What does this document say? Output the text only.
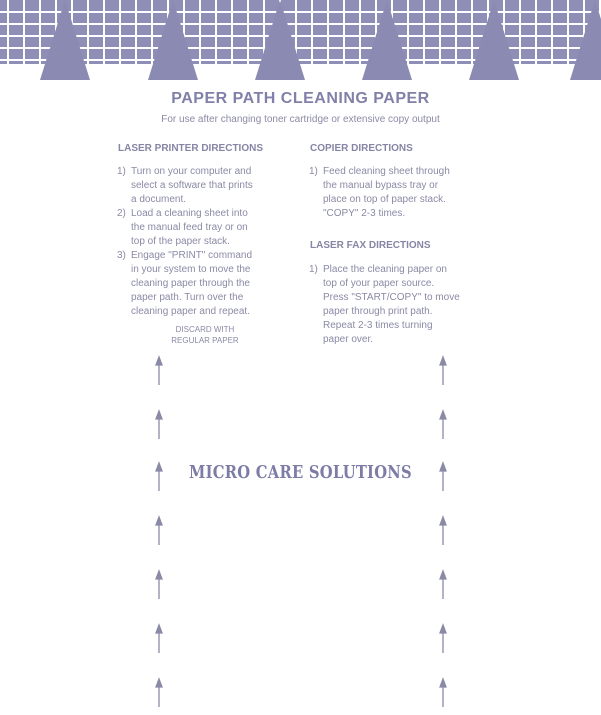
PAPER PATH CLEANING PAPER
For use after changing toner cartridge or extensive copy output
LASER PRINTER DIRECTIONS
1) Turn on your computer and
select a software that prints
a document.
2) Load a cleaning sheet into
the manual feed tray or on
top of the paper stack.
3) Engage "PRINT" command
in your system to move the
cleaning paper through the
paper path. Turn over the
cleaning paper and repeat.
DISCARD WITH
REGULAR PAPER
COPIER DIRECTIONS
1) Feed cleaning sheet through
the manual bypass tray or
place on top of paper stack.
"COPY" 2-3 times.
LASER FAX DIRECTIONS
1) Place the cleaning paper on
top of your paper source.
Press "START/COPY" to move
paper through print path.
Repeat 2-3 times turning
paper over.
MICRO CARE SOLUTIONS
